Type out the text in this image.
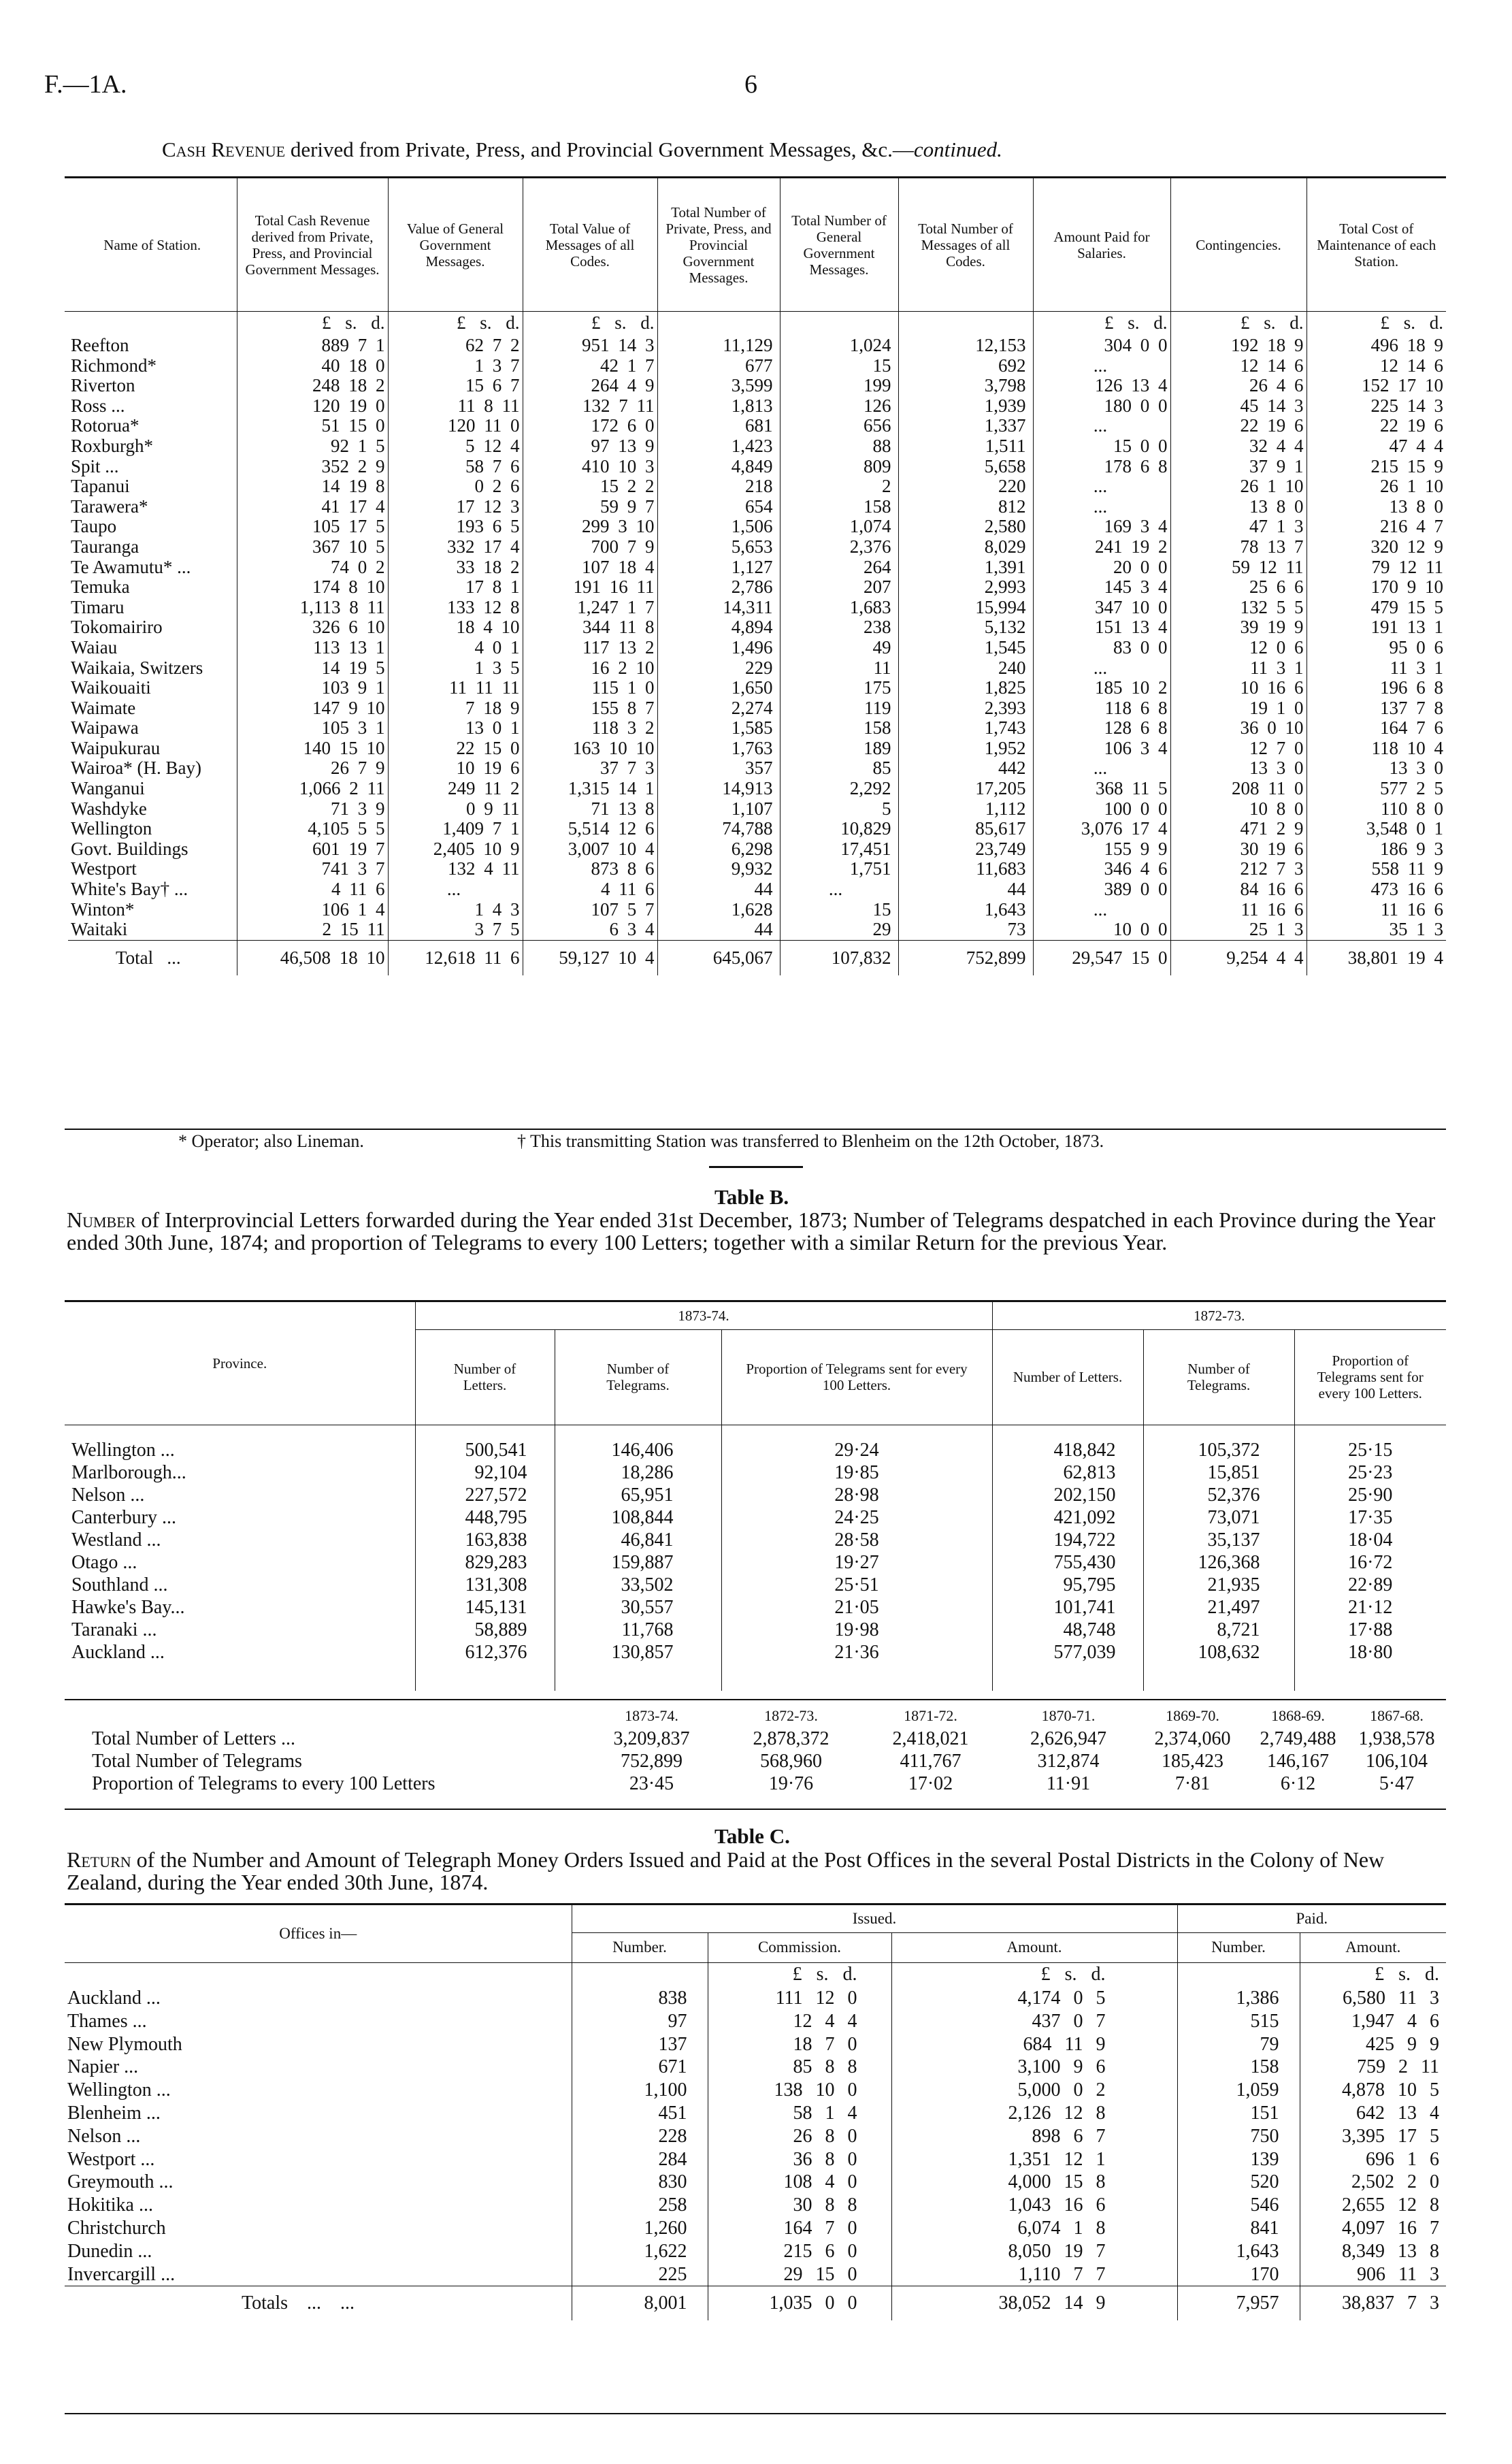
F.—1A.	6
Cash Revenue derived from Private, Press, and Provincial Government Messages, &c.—continued.
Name of Station.	Total Cash Revenue derived from Private, Press, and Provincial Government Messages.	Value of General Government Messages.	Total Value of Messages of all Codes.	Total Number of Private, Press, and Provincial Government Messages.	Total Number of General Government Messages.	Total Number of Messages of all Codes.	Amount Paid for Salaries.	Contingencies.	Total Cost of Maintenance of each Station.
	£ s. d.	£ s. d.	£ s. d.				£ s. d.	£ s. d.	£ s. d.
Reefton	889 7 1	62 7 2	951 14 3	11,129	1,024	12,153	304 0 0	192 18 9	496 18 9
Richmond*	40 18 0	1 3 7	42 1 7	677	15	692	...	12 14 6	12 14 6
Riverton	248 18 2	15 6 7	264 4 9	3,599	199	3,798	126 13 4	26 4 6	152 17 10
Ross ...	120 19 0	11 8 11	132 7 11	1,813	126	1,939	180 0 0	45 14 3	225 14 3
Rotorua*	51 15 0	120 11 0	172 6 0	681	656	1,337	...	22 19 6	22 19 6
Roxburgh*	92 1 5	5 12 4	97 13 9	1,423	88	1,511	15 0 0	32 4 4	47 4 4
Spit ...	352 2 9	58 7 6	410 10 3	4,849	809	5,658	178 6 8	37 9 1	215 15 9
Tapanui	14 19 8	0 2 6	15 2 2	218	2	220	...	26 1 10	26 1 10
Tarawera*	41 17 4	17 12 3	59 9 7	654	158	812	...	13 8 0	13 8 0
Taupo	105 17 5	193 6 5	299 3 10	1,506	1,074	2,580	169 3 4	47 1 3	216 4 7
Tauranga	367 10 5	332 17 4	700 7 9	5,653	2,376	8,029	241 19 2	78 13 7	320 12 9
Te Awamutu* ...	74 0 2	33 18 2	107 18 4	1,127	264	1,391	20 0 0	59 12 11	79 12 11
Temuka	174 8 10	17 8 1	191 16 11	2,786	207	2,993	145 3 4	25 6 6	170 9 10
Timaru	1,113 8 11	133 12 8	1,247 1 7	14,311	1,683	15,994	347 10 0	132 5 5	479 15 5
Tokomairiro	326 6 10	18 4 10	344 11 8	4,894	238	5,132	151 13 4	39 19 9	191 13 1
Waiau	113 13 1	4 0 1	117 13 2	1,496	49	1,545	83 0 0	12 0 6	95 0 6
Waikaia, Switzers	14 19 5	1 3 5	16 2 10	229	11	240	...	11 3 1	11 3 1
Waikouaiti	103 9 1	11 11 11	115 1 0	1,650	175	1,825	185 10 2	10 16 6	196 6 8
Waimate	147 9 10	7 18 9	155 8 7	2,274	119	2,393	118 6 8	19 1 0	137 7 8
Waipawa	105 3 1	13 0 1	118 3 2	1,585	158	1,743	128 6 8	36 0 10	164 7 6
Waipukurau	140 15 10	22 15 0	163 10 10	1,763	189	1,952	106 3 4	12 7 0	118 10 4
Wairoa* (H. Bay)	26 7 9	10 19 6	37 7 3	357	85	442	...	13 3 0	13 3 0
Wanganui	1,066 2 11	249 11 2	1,315 14 1	14,913	2,292	17,205	368 11 5	208 11 0	577 2 5
Washdyke	71 3 9	0 9 11	71 13 8	1,107	5	1,112	100 0 0	10 8 0	110 8 0
Wellington	4,105 5 5	1,409 7 1	5,514 12 6	74,788	10,829	85,617	3,076 17 4	471 2 9	3,548 0 1
Govt. Buildings	601 19 7	2,405 10 9	3,007 10 4	6,298	17,451	23,749	155 9 9	30 19 6	186 9 3
Westport	741 3 7	132 4 11	873 8 6	9,932	1,751	11,683	346 4 6	212 7 3	558 11 9
White's Bay† ...	4 11 6	...	4 11 6	44	...	44	389 0 0	84 16 6	473 16 6
Winton*	106 1 4	1 4 3	107 5 7	1,628	15	1,643	...	11 16 6	11 16 6
Waitaki	2 15 11	3 7 5	6 3 4	44	29	73	10 0 0	25 1 3	35 1 3
Total   ...	46,508 18 10	12,618 11 6	59,127 10 4	645,067	107,832	752,899	29,547 15 0	9,254 4 4	38,801 19 4
* Operator; also Lineman.	† This transmitting Station was transferred to Blenheim on the 12th October, 1873.
Table B.
Number of Interprovincial Letters forwarded during the Year ended 31st December, 1873; Number of Telegrams despatched in each Province during the Year ended 30th June, 1874; and proportion of Telegrams to every 100 Letters; together with a similar Return for the previous Year.
Province.	1873-74.			1872-73.		
	Number of Letters.	Number of Telegrams.	Proportion of Telegrams sent for every 100 Letters.	Number of Letters.	Number of Telegrams.	Proportion of Telegrams sent for every 100 Letters.
Wellington ...	500,541	146,406	29·24	418,842	105,372	25·15
Marlborough...	92,104	18,286	19·85	62,813	15,851	25·23
Nelson ...	227,572	65,951	28·98	202,150	52,376	25·90
Canterbury ...	448,795	108,844	24·25	421,092	73,071	17·35
Westland ...	163,838	46,841	28·58	194,722	35,137	18·04
Otago ...	829,283	159,887	19·27	755,430	126,368	16·72
Southland ...	131,308	33,502	25·51	95,795	21,935	22·89
Hawke's Bay...	145,131	30,557	21·05	101,741	21,497	21·12
Taranaki ...	58,889	11,768	19·98	48,748	8,721	17·88
Auckland ...	612,376	130,857	21·36	577,039	108,632	18·80

	1873-74.	1872-73.	1871-72.	1870-71.	1869-70.	1868-69.	1867-68.
Total Number of Letters ...	3,209,837	2,878,372	2,418,021	2,626,947	2,374,060	2,749,488	1,938,578
Total Number of Telegrams	752,899	568,960	411,767	312,874	185,423	146,167	106,104
Proportion of Telegrams to every 100 Letters	23·45	19·76	17·02	11·91	7·81	6·12	5·47
Table C.
Return of the Number and Amount of Telegraph Money Orders Issued and Paid at the Post Offices in the several Postal Districts in the Colony of New Zealand, during the Year ended 30th June, 1874.
Offices in—	Issued.			Paid.	
	Number.	Commission.	Amount.	Number.	Amount.
		£ s. d.	£ s. d.		£ s. d.
Auckland ...	838	111 12 0	4,174 0 5	1,386	6,580 11 3
Thames ...	97	12 4 4	437 0 7	515	1,947 4 6
New Plymouth	137	18 7 0	684 11 9	79	425 9 9
Napier ...	671	85 8 8	3,100 9 6	158	759 2 11
Wellington ...	1,100	138 10 0	5,000 0 2	1,059	4,878 10 5
Blenheim ...	451	58 1 4	2,126 12 8	151	642 13 4
Nelson ...	228	26 8 0	898 6 7	750	3,395 17 5
Westport ...	284	36 8 0	1,351 12 1	139	696 1 6
Greymouth ...	830	108 4 0	4,000 15 8	520	2,502 2 0
Hokitika ...	258	30 8 8	1,043 16 6	546	2,655 12 8
Christchurch	1,260	164 7 0	6,074 1 8	841	4,097 16 7
Dunedin ...	1,622	215 6 0	8,050 19 7	1,643	8,349 13 8
Invercargill ...	225	29 15 0	1,110 7 7	170	906 11 3
Totals    ...    ...	8,001	1,035 0 0	38,052 14 9	7,957	38,837 7 3
